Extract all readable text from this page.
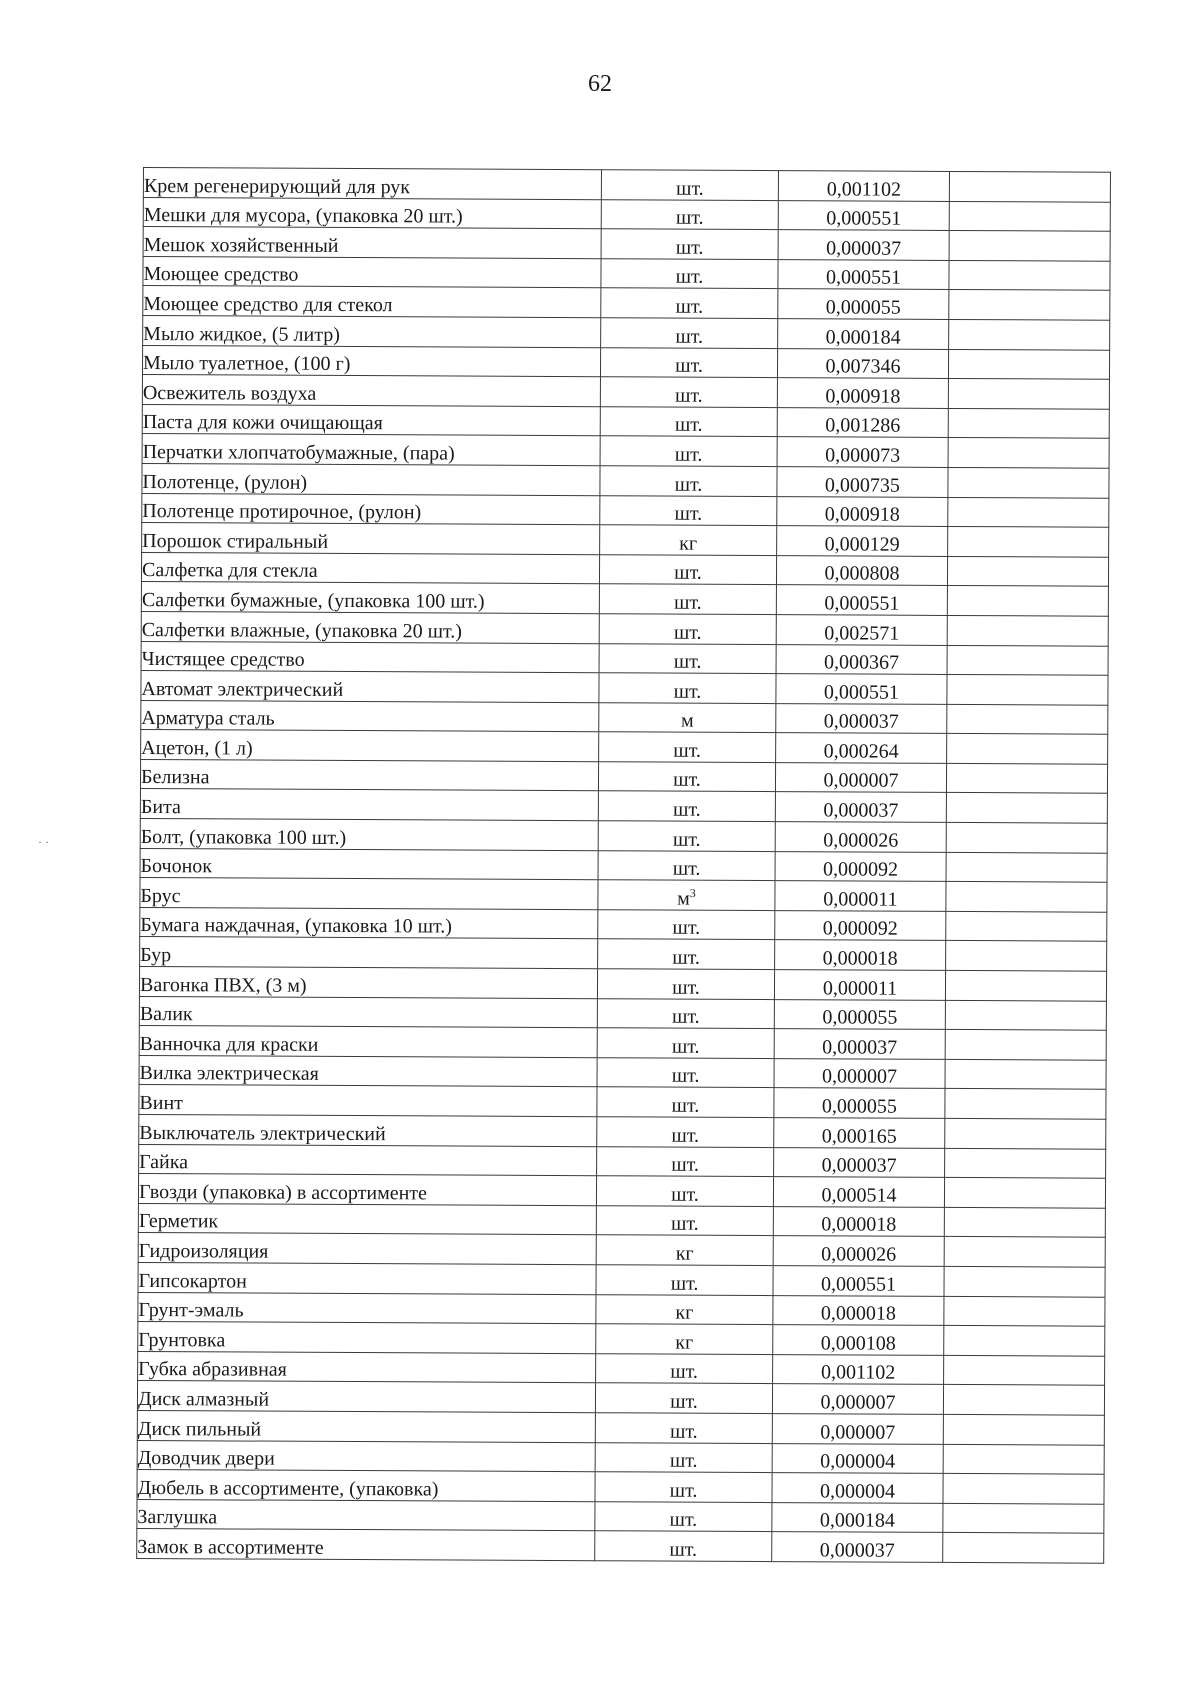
62
· ·
Крем регенерирующий для рук	шт.	0,001102	
Мешки для мусора, (упаковка 20 шт.)	шт.	0,000551	
Мешок хозяйственный	шт.	0,000037	
Моющее средство	шт.	0,000551	
Моющее средство для стекол	шт.	0,000055	
Мыло жидкое, (5 литр)	шт.	0,000184	
Мыло туалетное, (100 г)	шт.	0,007346	
Освежитель воздуха	шт.	0,000918	
Паста для кожи очищающая	шт.	0,001286	
Перчатки хлопчатобумажные, (пара)	шт.	0,000073	
Полотенце, (рулон)	шт.	0,000735	
Полотенце протирочное, (рулон)	шт.	0,000918	
Порошок стиральный	кг	0,000129	
Салфетка для стекла	шт.	0,000808	
Салфетки бумажные, (упаковка 100 шт.)	шт.	0,000551	
Салфетки влажные, (упаковка 20 шт.)	шт.	0,002571	
Чистящее средство	шт.	0,000367	
Автомат электрический	шт.	0,000551	
Арматура сталь	м	0,000037	
Ацетон, (1 л)	шт.	0,000264	
Белизна	шт.	0,000007	
Бита	шт.	0,000037	
Болт, (упаковка 100 шт.)	шт.	0,000026	
Бочонок	шт.	0,000092	
Брус	$м^3$	0,000011	
Бумага наждачная, (упаковка 10 шт.)	шт.	0,000092	
Бур	шт.	0,000018	
Вагонка ПВХ, (3 м)	шт.	0,000011	
Валик	шт.	0,000055	
Ванночка для краски	шт.	0,000037	
Вилка электрическая	шт.	0,000007	
Винт	шт.	0,000055	
Выключатель электрический	шт.	0,000165	
Гайка	шт.	0,000037	
Гвозди (упаковка) в ассортименте	шт.	0,000514	
Герметик	шт.	0,000018	
Гидроизоляция	кг	0,000026	
Гипсокартон	шт.	0,000551	
Грунт-эмаль	кг	0,000018	
Грунтовка	кг	0,000108	
Губка абразивная	шт.	0,001102	
Диск алмазный	шт.	0,000007	
Диск пильный	шт.	0,000007	
Доводчик двери	шт.	0,000004	
Дюбель в ассортименте, (упаковка)	шт.	0,000004	
Заглушка	шт.	0,000184	
Замок в ассортименте	шт.	0,000037	
